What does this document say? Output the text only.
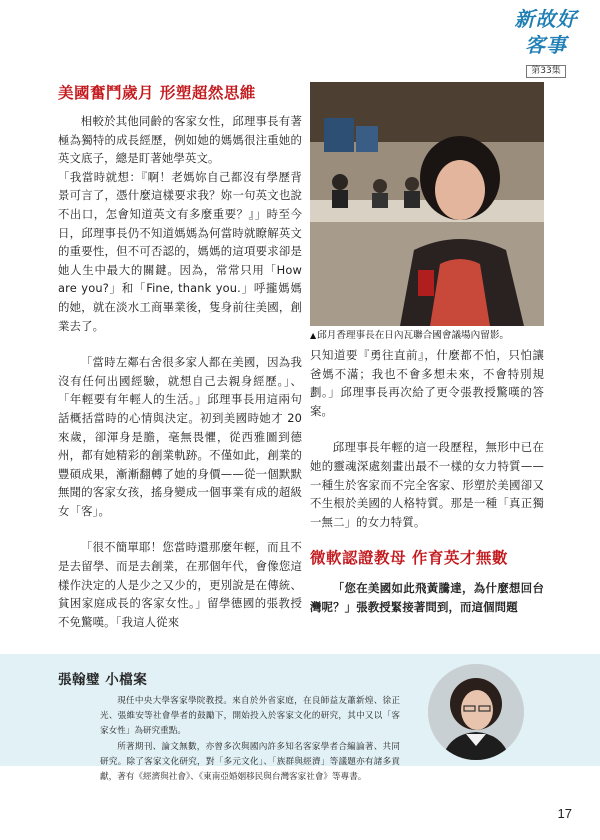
新故好客事
第33集
美國奮鬥歲月 形塑超然思維

相較於其他同齡的客家女性，邱理事長有著極為獨特的成長經歷，例如她的媽媽很注重她的英文底子，總是盯著她學英文。

「我當時就想：『啊！老媽妳自己都沒有學歷背景可言了，憑什麼這樣要求我？妳一句英文也說不出口，怎會知道英文有多麼重要？』」時至今日，邱理事長仍不知道媽媽為何當時就瞭解英文的重要性，但不可否認的，媽媽的這項要求卻是她人生中最大的關鍵。因為，常常只用「How are you?」和「Fine, thank you.」呼攏媽媽的她，就在淡水工商畢業後，隻身前往美國，創業去了。

「當時左鄰右舍很多家人都在美國，因為我沒有任何出國經驗，就想自己去親身經歷。」、「年輕要有年輕人的生活。」邱理事長用這兩句話概括當時的心情與決定。初到美國時她才 20 來歲，卻渾身是膽，毫無畏懼，從西雅圖到德州，都有她精彩的創業軌跡。不僅如此，創業的豐碩成果，漸漸翻轉了她的身價——從一個默默無聞的客家女孩，搖身變成一個事業有成的超級女「客」。

「很不簡單耶！您當時還那麼年輕，而且不是去留學、而是去創業，在那個年代，會像您這樣作決定的人是少之又少的，更別說是在傳統、貧困家庭成長的客家女性。」留學德國的張教授不免驚嘆。「我這人從來

▲邱月香理事長在日內瓦聯合國會議場內留影。

只知道要『勇往直前』，什麼都不怕，只怕讓爸媽不滿；我也不會多想未來，不會特別規劃。」邱理事長再次給了更令張教授驚嘆的答案。

邱理事長年輕的這一段歷程，無形中已在她的靈魂深處刻畫出最不一樣的女力特質——一種生於客家而不完全客家、形塑於美國卻又不生根於美國的人格特質。那是一種「真正獨一無二」的女力特質。

微軟認證教母 作育英才無數

「您在美國如此飛黃騰達，為什麼想回台灣呢？」張教授緊接著問到，而這個問題

張翰璧 小檔案

現任中央大學客家學院教授。來自於外省家庭，在良師益友蕭新煌、徐正光、張維安等社會學者的鼓勵下，開始投入於客家文化的研究，其中又以「客家女性」為研究重點。

所著期刊、論文無數，亦曾多次與國內許多知名客家學者合編論著、共同研究。除了客家文化研究，對「多元文化」、「族群與經濟」等議題亦有諸多貢獻，著有《經濟與社會》、《東南亞婚姻移民與台灣客家社會》等專書。

17
